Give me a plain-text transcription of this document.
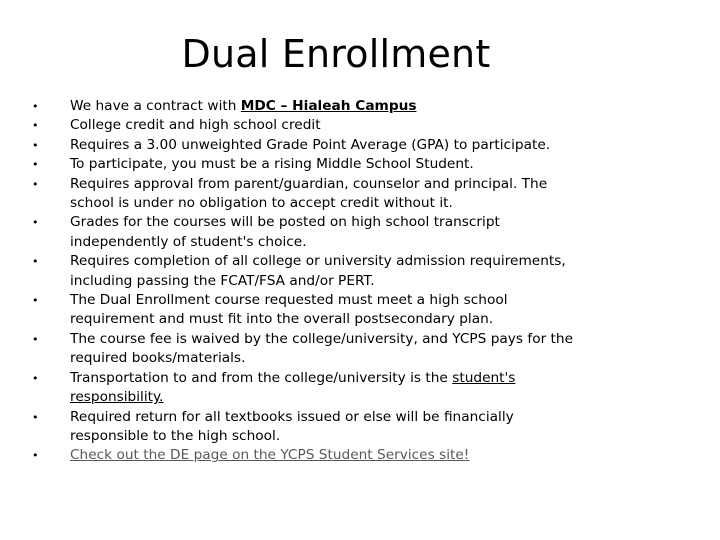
Dual Enrollment
• We have a contract with MDC – Hialeah Campus
• College credit and high school credit
• Requires a 3.00 unweighted Grade Point Average (GPA) to participate.
• To participate, you must be a rising Middle School Student.
• Requires approval from parent/guardian, counselor and principal. The
school is under no obligation to accept credit without it.
• Grades for the courses will be posted on high school transcript
independently of student's choice.
• Requires completion of all college or university admission requirements,
including passing the FCAT/FSA and/or PERT.
• The Dual Enrollment course requested must meet a high school
requirement and must fit into the overall postsecondary plan.
• The course fee is waived by the college/university, and YCPS pays for the
required books/materials.
• Transportation to and from the college/university is the student's
responsibility.
• Required return for all textbooks issued or else will be financially
responsible to the high school.
• Check out the DE page on the YCPS Student Services site!
